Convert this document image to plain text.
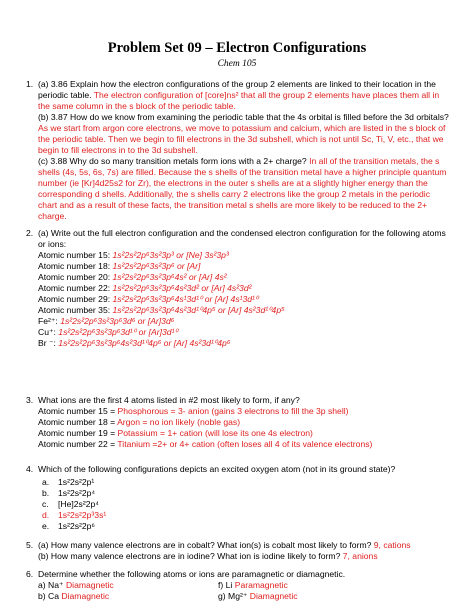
Problem Set 09 – Electron Configurations
Chem 105
1. (a) 3.86 Explain how the electron configurations of the group 2 elements are linked to their location in the periodic table. The electron configuration of [core]ns² that all the group 2 elements have places them all in the same column in the s block of the periodic table.
(b) 3.87 How do we know from examining the periodic table that the 4s orbital is filled before the 3d orbitals? As we start from argon core electrons, we move to potassium and calcium, which are listed in the s block of the periodic table. Then we begin to fill electrons in the 3d subshell, which is not until Sc, Ti, V, etc., that we begin to fill electrons in to the 3d subshell.
(c) 3.88 Why do so many transition metals form ions with a 2+ charge? In all of the transition metals, the s shells (4s, 5s, 6s, 7s) are filled. Because the s shells of the transition metal have a higher principle quantum number (ie [Kr]4d25s2 for Zr), the electrons in the outer s shells are at a slightly higher energy than the corresponding d shells. Additionally, the s shells carry 2 electrons like the group 2 metals in the periodic chart and as a result of these facts, the transition metal s shells are more likely to be reduced to the 2+ charge.
2. (a) Write out the full electron configuration and the condensed electron configuration for the following atoms or ions:
Atomic number 15: 1s²2s²2p⁶3s²3p³ or [Ne] 3s²3p³
Atomic number 18: 1s²2s²2p⁶3s²3p⁶ or [Ar]
Atomic number 20: 1s²2s²2p⁶3s²3p⁶4s² or [Ar] 4s²
Atomic number 22: 1s²2s²2p⁶3s²3p⁶4s²3d² or [Ar] 4s²3d²
Atomic number 29: 1s²2s²2p⁶3s²3p⁶4s¹3d¹⁰ or [Ar] 4s¹3d¹⁰
Atomic number 35: 1s²2s²2p⁶3s²3p⁶4s²3d¹⁰4p⁵ or [Ar] 4s²3d¹⁰4p⁵
Fe²⁺: 1s²2s²2p⁶3s²3p⁶3d⁶ or [Ar]3d⁶
Cu⁺: 1s²2s²2p⁶3s²3p⁶3d¹⁰ or [Ar]3d¹⁰
Br ⁻: 1s²2s²2p⁶3s²3p⁶4s²3d¹⁰4p⁶ or [Ar] 4s²3d¹⁰4p⁶
3. What ions are the first 4 atoms listed in #2 most likely to form, if any?
Atomic number 15 = Phosphorous = 3- anion (gains 3 electrons to fill the 3p shell)
Atomic number 18 = Argon = no ion likely (noble gas)
Atomic number 19 = Potassium = 1+ cation (will lose its one 4s electron)
Atomic number 22 = Titanium =2+ or 4+ cation (often loses all 4 of its valence electrons)
4. Which of the following configurations depicts an excited oxygen atom (not in its ground state)?
a. 1s²2s²2p¹
b. 1s²2s²2p⁴
c. [He]2s²2p⁴
d. 1s²2s²2p³3s¹
e. 1s²2s²2p⁶
5. (a) How many valence electrons are in cobalt? What ion(s) is cobalt most likely to form? 9, cations
(b) How many valence electrons are in iodine? What ion is iodine likely to form? 7, anions
6. Determine whether the following atoms or ions are paramagnetic or diamagnetic.
a) Na⁺ Diamagnetic	f) Li Paramagnetic
b) Ca Diamagnetic	g) Mg²⁺ Diamagnetic
